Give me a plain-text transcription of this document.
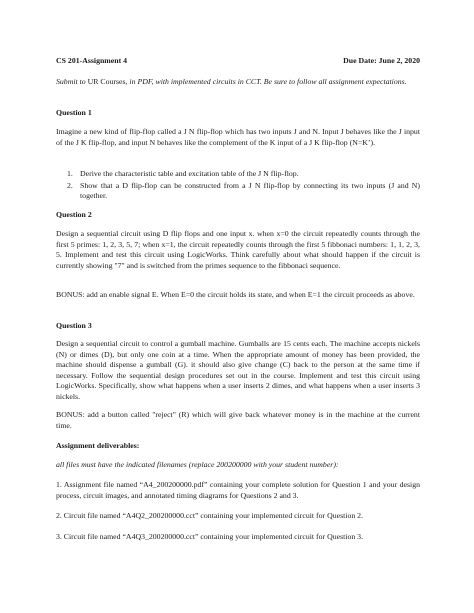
CS 201-Assignment 4	Due Date: June 2, 2020
Submit to UR Courses, in PDF, with implemented circuits in CCT. Be sure to follow all assignment expectations.
Question 1
Imagine a new kind of flip-flop called a J N flip-flop which has two inputs J and N. Input J behaves like the J input of the J K flip-flop, and input N behaves like the complement of the K input of a J K flip-flop (N=K’).
1. Derive the characteristic table and excitation table of the J N flip-flop.
2. Show that a D flip-flop can be constructed from a J N flip-flop by connecting its two inputs (J and N) together.
Question 2
Design a sequential circuit using D flip flops and one input x. when x=0 the circuit repeatedly counts through the first 5 primes: 1, 2, 3, 5, 7; when x=1, the circuit repeatedly counts through the first 5 fibbonaci numbers: 1, 1, 2, 3, 5. Implement and test this circuit using LogicWorks. Think carefully about what should happen if the circuit is currently showing "7" and is switched from the primes sequence to the fibbonaci sequence.
BONUS: add an enable signal E. When E=0 the circuit holds its state, and when E=1 the circuit proceeds as above.
Question 3
Design a sequential circuit to control a gumball machine. Gumballs are 15 cents each. The machine accepts nickels (N) or dimes (D), but only one coin at a time. When the appropriate amount of money has been provided, the machine should dispense a gumball (G). it should also give change (C) back to the person at the same time if necessary. Follow the sequential design procedures set out in the course. Implement and test this circuit using LogicWorks. Specifically, show what happens when a user inserts 2 dimes, and what happens when a user inserts 3 nickels.
BONUS: add a button called "reject" (R) which will give back whatever money is in the machine at the current time.
Assignment deliverables:
all files must have the indicated filenames (replace 200200000 with your student number):
1. Assignment file named “A4_200200000.pdf” containing your complete solution for Question 1 and your design process, circuit images, and annotated timing diagrams for Questions 2 and 3.
2. Circuit file named “A4Q2_200200000.cct” containing your implemented circuit for Question 2.
3. Circuit file named “A4Q3_200200000.cct” containing your implemented circuit for Question 3.
